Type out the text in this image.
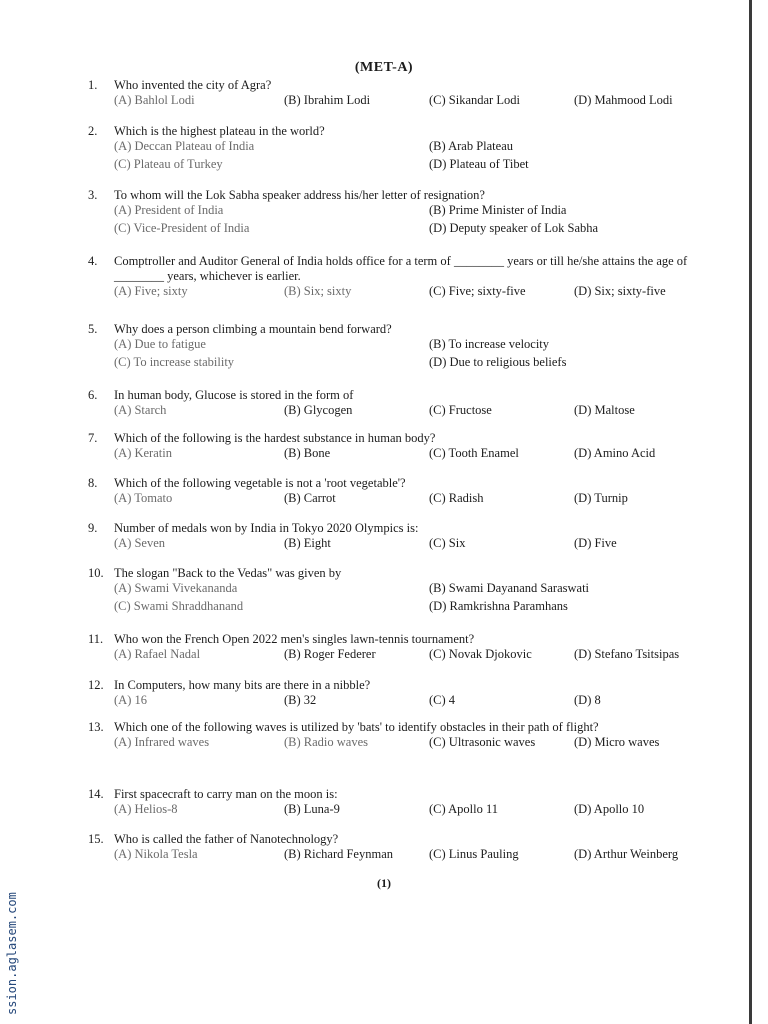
(MET-A)
1.	Who invented the city of Agra?
(A) Bahlol Lodi	(B) Ibrahim Lodi	(C) Sikandar Lodi	(D) Mahmood Lodi
2.	Which is the highest plateau in the world?
(A) Deccan Plateau of India	(B) Arab Plateau
(C) Plateau of Turkey	(D) Plateau of Tibet
3.	To whom will the Lok Sabha speaker address his/her letter of resignation?
(A) President of India	(B) Prime Minister of India
(C) Vice-President of India	(D) Deputy speaker of Lok Sabha
4.	Comptroller and Auditor General of India holds office for a term of ________ years or till he/she attains the age of ________ years, whichever is earlier.
(A) Five; sixty	(B) Six; sixty	(C) Five; sixty-five	(D) Six; sixty-five
5.	Why does a person climbing a mountain bend forward?
(A) Due to fatigue	(B) To increase velocity
(C) To increase stability	(D) Due to religious beliefs
6.	In human body, Glucose is stored in the form of
(A) Starch	(B) Glycogen	(C) Fructose	(D) Maltose
7.	Which of the following is the hardest substance in human body?
(A) Keratin	(B) Bone	(C) Tooth Enamel	(D) Amino Acid
8.	Which of the following vegetable is not a 'root vegetable'?
(A) Tomato	(B) Carrot	(C) Radish	(D) Turnip
9.	Number of medals won by India in Tokyo 2020 Olympics is:
(A) Seven	(B) Eight	(C) Six	(D) Five
10. The slogan "Back to the Vedas" was given by
(A) Swami Vivekananda	(B) Swami Dayanand Saraswati
(C) Swami Shraddhanand	(D) Ramkrishna Paramhans
11. Who won the French Open 2022 men's singles lawn-tennis tournament?
(A) Rafael Nadal	(B) Roger Federer	(C) Novak Djokovic	(D) Stefano Tsitsipas
12. In Computers, how many bits are there in a nibble?
(A) 16	(B) 32	(C) 4	(D) 8
13. Which one of the following waves is utilized by 'bats' to identify obstacles in their path of flight?
(A) Infrared waves	(B) Radio waves	(C) Ultrasonic waves	(D) Micro waves
14. First spacecraft to carry man on the moon is:
(A) Helios-8	(B) Luna-9	(C) Apollo 11	(D) Apollo 10
15. Who is called the father of Nanotechnology?
(A) Nikola Tesla	(B) Richard Feynman	(C) Linus Pauling	(D) Arthur Weinberg
(1)
ssion.aglasem.com
